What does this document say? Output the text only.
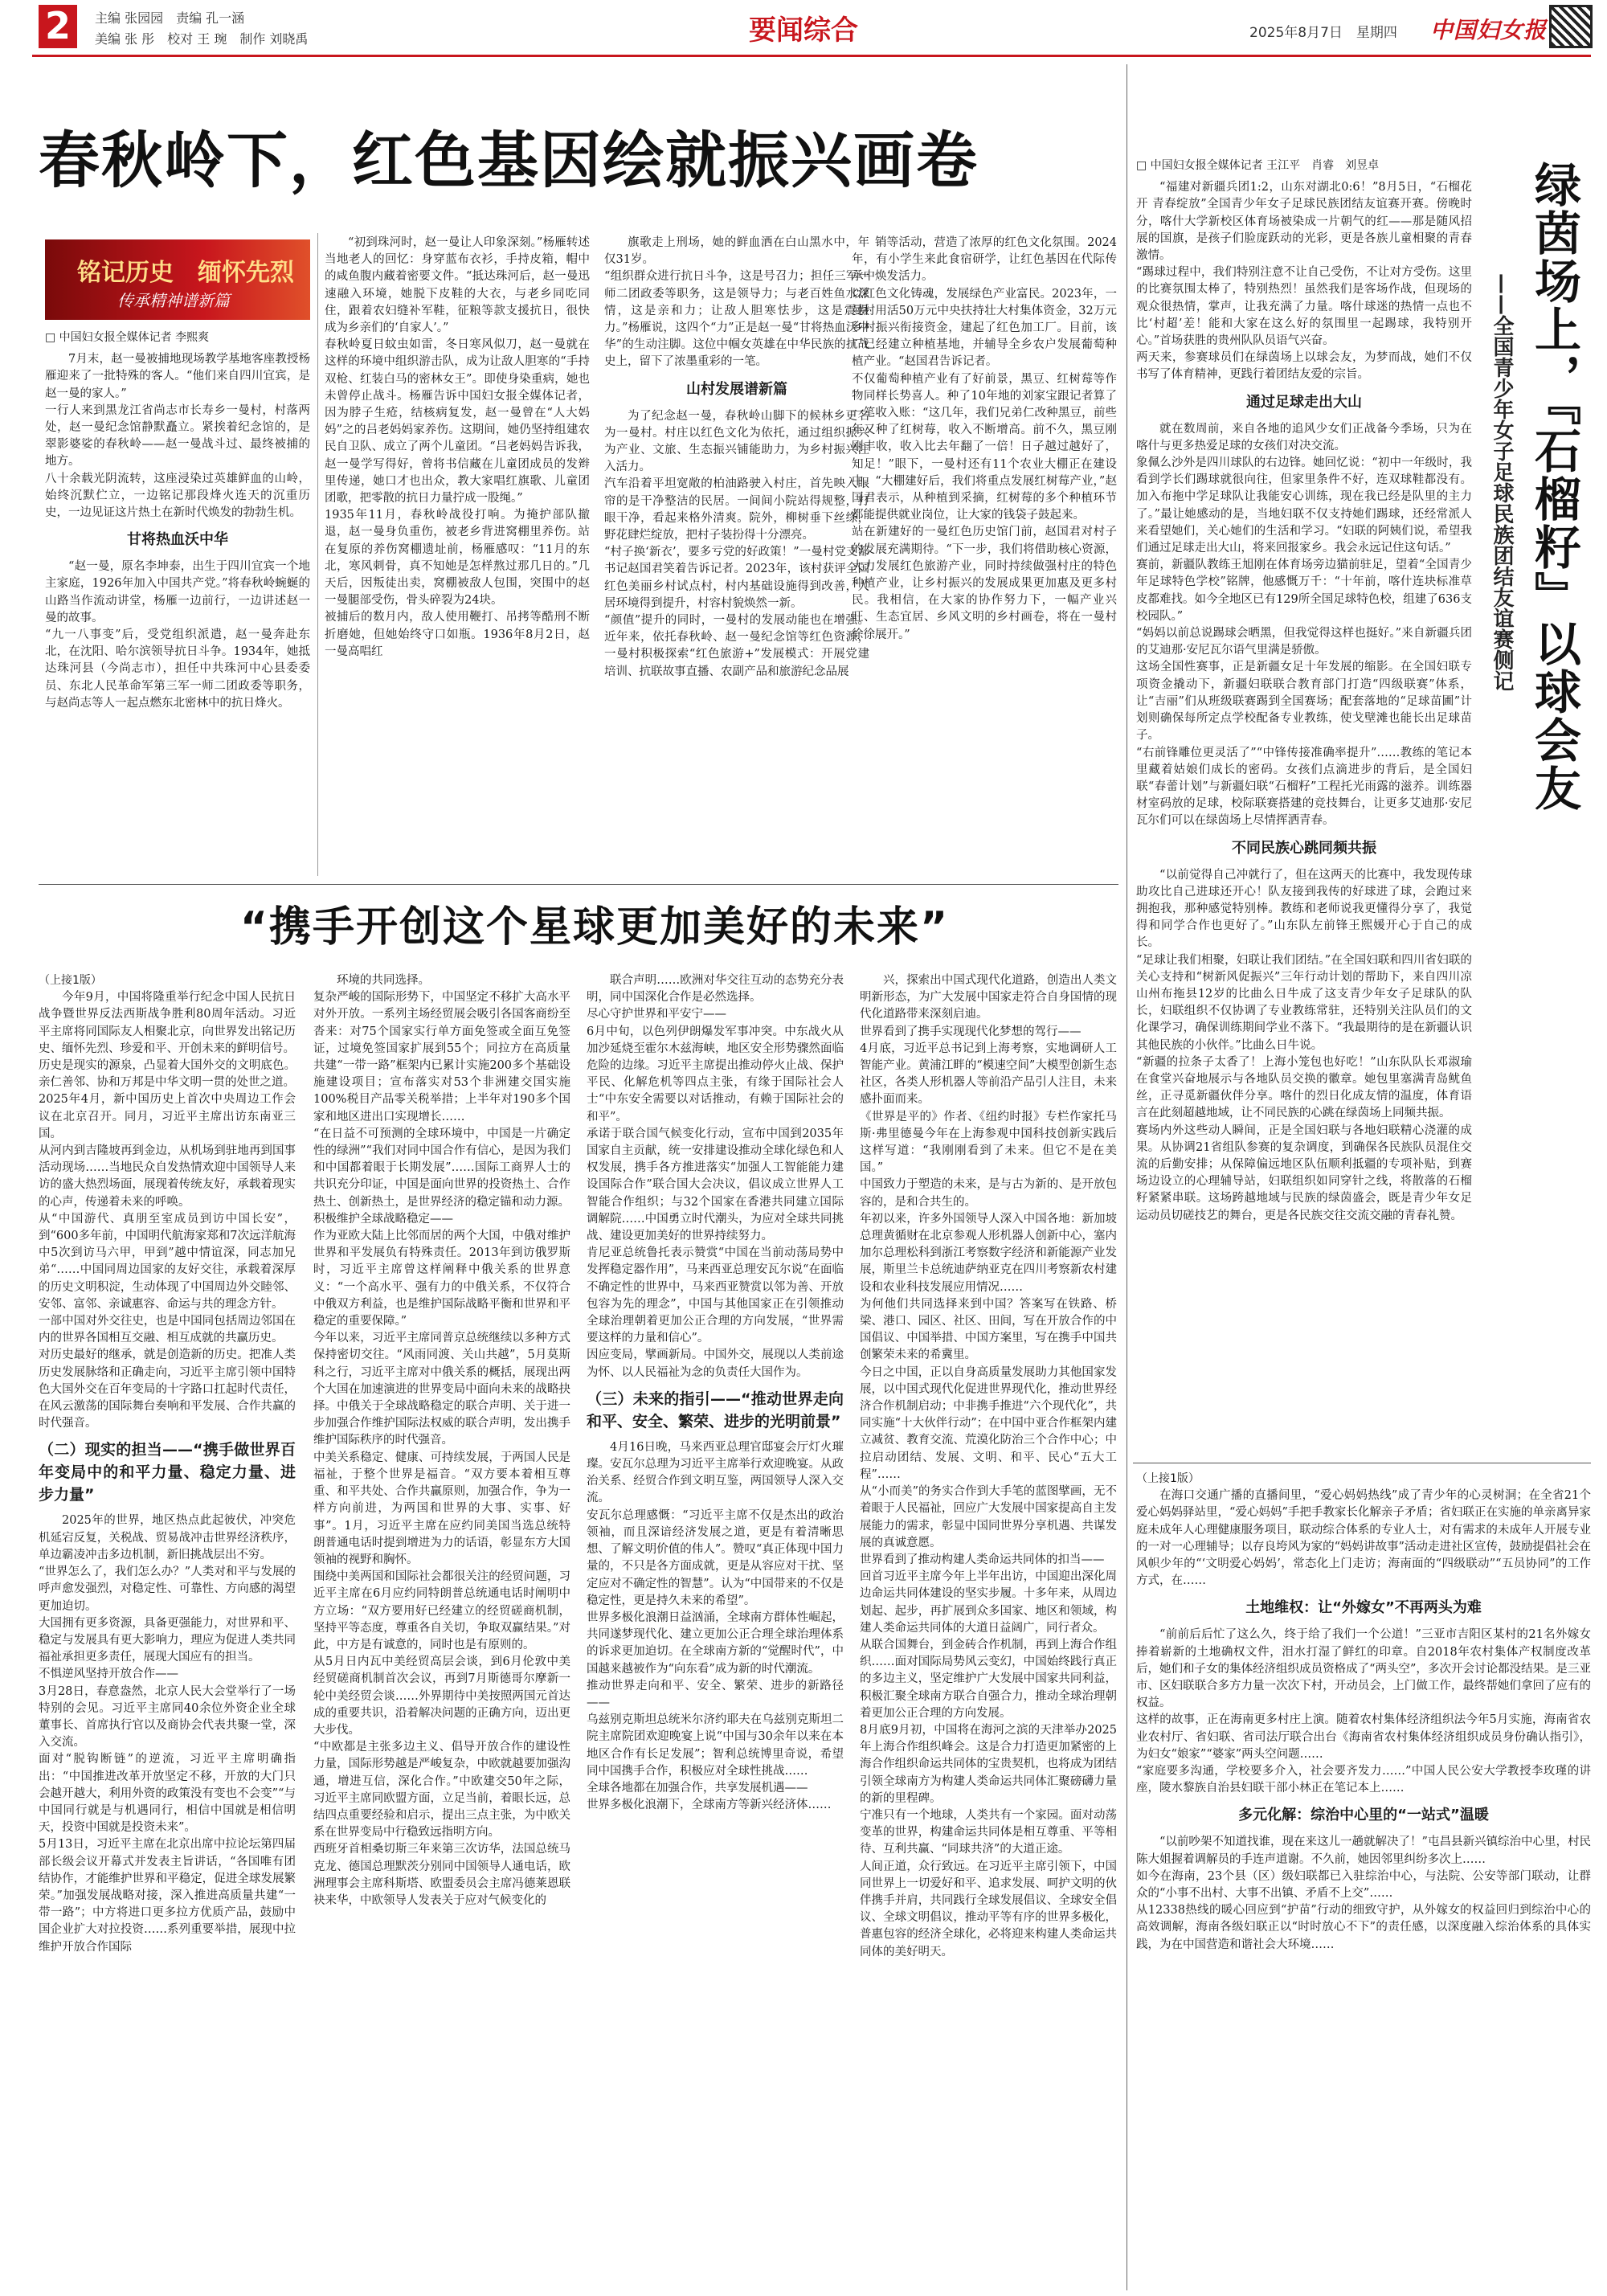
2	主编 张园园　责编 孔一涵
美编 张 彤　校对 王 琬　制作 刘晓禹	要闻综合	2025年8月7日　星期四 中国妇女报
春秋岭下，红色基因绘就振兴画卷
铭记历史　缅怀先烈
传承精神谱新篇

□ 中国妇女报全媒体记者 李熙爽

7月末，赵一曼被捕地现场教学基地客座教授杨雁迎来了一批特殊的客人。“他们来自四川宜宾，是赵一曼的家人。”
一行人来到黑龙江省尚志市长寿乡一曼村，村落两处，赵一曼纪念馆静默矗立。紧挨着纪念馆的，是翠影婆娑的春秋岭——赵一曼战斗过、最终被捕的地方。
八十余载光阴流转，这座浸染过英雄鲜血的山岭，始终沉默伫立，一边铭记那段烽火连天的沉重历史，一边见证这片热土在新时代焕发的勃勃生机。
甘将热血沃中华
“赵一曼，原名李坤泰，出生于四川宜宾一个地主家庭，1926年加入中国共产党。”将春秋岭蜿蜒的山路当作流动讲堂，杨雁一边前行，一边讲述赵一曼的故事。
“九一八事变”后，受党组织派遣，赵一曼奔赴东北，在沈阳、哈尔滨领导抗日斗争。1934年，她抵达珠河县（今尚志市），担任中共珠河中心县委委员、东北人民革命军第三军一师二团政委等职务，与赵尚志等人一起点燃东北密林中的抗日烽火。
“初到珠河时，赵一曼让人印象深刻。”杨雁转述当地老人的回忆：身穿蓝布衣衫，手持皮箱，帽中的咸鱼腹内藏着密要文件。“抵达珠河后，赵一曼迅速融入环境，她脱下皮鞋的大衣，与老乡同吃同住，跟着农妇缝补军鞋，征粮等款支援抗日，很快成为乡亲们的‘自家人’。”
春秋岭夏日蚊虫如雷，冬日寒风似刀，赵一曼就在这样的环境中组织游击队，成为让敌人胆寒的“手持双枪、红装白马的密林女王”。即使身染重病，她也未曾停止战斗。杨雁告诉中国妇女报全媒体记者，因为脖子生疮，结核病复发，赵一曼曾在“人大妈妈”之的吕老妈妈家养伤。这期间，她仍坚持组建农民自卫队、成立了两个儿童团。“吕老妈妈告诉我，赵一曼学写得好，曾将书信藏在儿童团成员的发辫里传递，她口才也出众，教大家唱红旗歌、儿童团团歌，把零散的抗日力量拧成一股绳。”
1935年11月，春秋岭战役打响。为掩护部队撤退，赵一曼身负重伤，被老乡背进窝棚里养伤。站在复原的养伤窝棚遗址前，杨雁感叹：“11月的东北，寒风刺骨，真不知她是怎样熬过那几日的。”几天后，因叛徒出卖，窝棚被敌人包围，突围中的赵一曼腿部受伤，骨头碎裂为24块。
被捕后的数月内，敌人使用鞭打、吊拷等酷刑不断折磨她，但她始终守口如瓶。1936年8月2日，赵一曼高唱红
旗歌走上刑场，她的鲜血洒在白山黑水中，年仅31岁。
“组织群众进行抗日斗争，这是号召力；担任三军一师二团政委等职务，这是领导力；与老百姓鱼水深情，这是亲和力；让敌人胆寒怯步，这是震慑力。”杨雁说，这四个“力”正是赵一曼“甘将热血沃中华”的生动注脚。这位中帼女英雄在中华民族的抗战史上，留下了浓墨重彩的一笔。
山村发展谱新篇
为了纪念赵一曼，春秋岭山脚下的候林乡更名为一曼村。村庄以红色文化为依托，通过组织振兴为产业、文旅、生态振兴铺能助力，为乡村振兴注入活力。
汽车沿着平坦宽敞的柏油路驶入村庄，首先映入眼帘的是干净整洁的民居。一间间小院站得规整，打眼干净，看起来格外清爽。院外，柳树垂下丝绦，野花肆烂绽放，把村子装扮得十分漂亮。
“村子换‘新衣’，要多亏党的好政策！”一曼村党支部书记赵国君笑着告诉记者。2023年，该村获评全国红色美丽乡村试点村，村内基础设施得到改善，人居环境得到提升，村容村貌焕然一新。
“颜值”提升的同时，一曼村的发展动能也在增强。近年来，依托春秋岭、赵一曼纪念馆等红色资源，一曼村积极探索“红色旅游+”发展模式：开展党建培训、抗联故事直播、农副产品和旅游纪念品展
销等活动，营造了浓厚的红色文化氛围。2024年，有小学生来此食宿研学，让红色基因在代际传承中焕发活力。
以红色文化铸魂，发展绿色产业富民。2023年，一曼村用活50万元中央扶持壮大村集体资金，32万元乡村振兴衔接资金，建起了红色加工厂。目前，该厂已经建立种植基地，并辅导全乡农户发展葡萄种植产业。“赵国君告诉记者。
不仅葡萄种植产业有了好前景，黑豆、红树莓等作物同样长势喜人。种了10年地的刘家宝跟记者算了一笔收入账：“这几年，我们兄弟仁改种黑豆，前些年又种了红树莓，收入不断增高。前不久，黑豆刚刚丰收，收入比去年翻了一倍！日子越过越好了，知足！”眼下，一曼村还有11个农业大棚正在建设中。“大棚建好后，我们将重点发展红树莓产业，”赵国君表示，从种植到采摘，红树莓的多个种植环节都能提供就业岗位，让大家的钱袋子鼓起来。
站在新建好的一曼红色历史馆门前，赵国君对村子的发展充满期待。“下一步，我们将借助核心资源，大力发展红色旅游产业，同时持续做强村庄的特色种植产业，让乡村振兴的发展成果更加惠及更多村民。我相信，在大家的协作努力下，一幅产业兴旺、生态宜居、乡风文明的乡村画卷，将在一曼村徐徐展开。”
“携手开创这个星球更加美好的未来”

（上接1版）

今年9月，中国将隆重举行纪念中国人民抗日战争暨世界反法西斯战争胜利80周年活动。习近平主席将同国际友人相聚北京，向世界发出铭记历史、缅怀先烈、珍爱和平、开创未来的鲜明信号。
历史是现实的源泉，凸显着大国外交的文明底色。亲仁善邻、协和万邦是中华文明一贯的处世之道。
2025年4月，新中国历史上首次中央周边工作会议在北京召开。同月，习近平主席出访东南亚三国。
从河内到吉隆坡再到金边，从机场到驻地再到国事活动现场……当地民众自发热情欢迎中国领导人来访的盛大热烈场面，展现着传统友好，承载着现实的心声，传递着未来的呼唤。
从“中国游代、真朋至室成员到访中国长安”，到“600多年前，中国明代航海家郑和7次远洋航海中5次到访马六甲，甲到”越中情谊深，同志加兄弟“……中国同周边国家的友好交往，承载着深厚的历史文明积淀，生动体现了中国周边外交睦邻、安邻、富邻、亲诚惠容、命运与共的理念方针。
一部中国对外交往史，也是中国同包括周边邻国在内的世界各国相互交融、相互成就的共赢历史。
对历史最好的继承，就是创造新的历史。把准人类历史发展脉络和正确走向，习近平主席引领中国特色大国外交在百年变局的十字路口扛起时代责任，在风云激荡的国际舞台奏响和平发展、合作共赢的时代强音。
（二）现实的担当——“携手做世界百年变局中的和平力量、稳定力量、进步力量”
2025年的世界，地区热点此起彼伏，冲突危机延宕反复，关税战、贸易战冲击世界经济秩序，单边霸凌冲击多边机制，新旧挑战层出不穷。
“世界怎么了，我们怎么办？”人类对和平与发展的呼声愈发强烈，对稳定性、可靠性、方向感的渴望更加迫切。
大国拥有更多资源，具备更强能力，对世界和平、稳定与发展具有更大影响力，理应为促进人类共同福祉承担更多责任，展现大国应有的担当。
不惧逆风坚持开放合作——
3月28日，春意盎然，北京人民大会堂举行了一场特别的会见。习近平主席同40余位外资企业全球董事长、首席执行官以及商协会代表共聚一堂，深入交流。
面对“脱钩断链”的逆流，习近平主席明确指出：“中国推进改革开放坚定不移，开放的大门只会越开越大，利用外资的政策没有变也不会变”“与中国同行就是与机遇同行，相信中国就是相信明天，投资中国就是投资未来”。
5月13日，习近平主席在北京出席中拉论坛第四届部长级会议开幕式并发表主旨讲话，“各国唯有团结协作，才能维护世界和平稳定，促进全球发展繁荣。”加强发展战略对接，深入推进高质量共建“一带一路”；中方将进口更多拉方优质产品，鼓励中国企业扩大对拉投资……系列重要举措，展现中拉维护开放合作国际
环境的共同选择。
复杂严峻的国际形势下，中国坚定不移扩大高水平对外开放。一系列主场经贸展会吸引各国客商纷至沓来：对75个国家实行单方面免签或全面互免签证，过境免签国家扩展到55个；同拉方在高质量共建“一带一路”框架内已累计实施200多个基础设施建设项目；宣布落实对53个非洲建交国实施100%税目产品零关税举措；上半年对190多个国家和地区进出口实现增长……
“在日益不可预测的全球环境中，中国是一片确定性的绿洲”“我们对同中国合作有信心，是因为我们和中国都着眼于长期发展”……国际工商界人士的共识充分印证，中国是面向世界的投资热土、合作热土、创新热土，是世界经济的稳定锚和动力源。
积极维护全球战略稳定——
作为亚欧大陆上比邻而居的两个大国，中俄对维护世界和平发展负有特殊责任。2013年到访俄罗斯时，习近平主席曾这样阐释中俄关系的世界意义：“一个高水平、强有力的中俄关系，不仅符合中俄双方利益，也是维护国际战略平衡和世界和平稳定的重要保障。”
今年以来，习近平主席同普京总统继续以多种方式保持密切交往。“风雨同渡、关山共越”，5月莫斯科之行，习近平主席对中俄关系的概括，展现出两个大国在加速演进的世界变局中面向未来的战略抉择。中俄关于全球战略稳定的联合声明、关于进一步加强合作维护国际法权威的联合声明，发出携手维护国际秩序的时代强音。
中美关系稳定、健康、可持续发展，于两国人民是福祉，于整个世界是福音。“双方要本着相互尊重、和平共处、合作共赢原则，加强合作，争为一样方向前进，为两国和世界的大事、实事、好事”。1月，习近平主席在应约同美国当选总统特朗普通电话时提到增进为力的话语，彰显东方大国领袖的视野和胸怀。
围绕中美两国和国际社会都很关注的经贸问题，习近平主席在6月应约同特朗普总统通电话时阐明中方立场：“双方要用好已经建立的经贸磋商机制，坚持平等态度，尊重各自关切，争取双赢结果。”对此，中方是有诚意的，同时也是有原则的。
从5月日内瓦中美经贸高层会谈，到6月伦敦中美经贸磋商机制首次会议，再到7月斯德哥尔摩新一轮中美经贸会谈……外界期待中美按照两国元首达成的重要共识，沿着解决问题的正确方向，迈出更大步伐。
“中欧都是主张多边主义、倡导开放合作的建设性力量，国际形势越是严峻复杂，中欧就越要加强沟通，增进互信，深化合作。”中欧建交50年之际，习近平主席同欧盟方面，立足当前，着眼长远，总结四点重要经验和启示，提出三点主张，为中欧关系在世界变局中行稳致远指明方向。
西班牙首相桑切斯三年来第三次访华，法国总统马克龙、德国总理默茨分别同中国领导人通电话，欧洲理事会主席科斯塔、欧盟委员会主席冯德莱恩联袂来华，中欧领导人发表关于应对气候变化的
联合声明……欧洲对华交往互动的态势充分表明，同中国深化合作是必然选择。
尽心守护世界和平安宁——
6月中旬，以色列伊朗爆发军事冲突。中东战火从加沙延烧至霍尔木兹海峡，地区安全形势骤然面临危险的边缘。习近平主席提出推动停火止战、保护平民、化解危机等四点主张，有缘于国际社会人士“中东安全需要以对话推动，有赖于国际社会的和平”。
承诺于联合国气候变化行动，宣布中国到2035年国家自主贡献，统一安排建设推动全球化绿色和人权发展，携手各方推进落实“加强人工智能能力建设国际合作”联合国大会决议，倡议成立世界人工智能合作组织；与32个国家在香港共同建立国际调解院……中国勇立时代潮头，为应对全球共同挑战、建设更加美好的世界持续努力。
肯尼亚总统鲁托表示赞赏“中国在当前动荡局势中发挥稳定器作用”，马来西亚总理安瓦尔说“在面临不确定性的世界中，马来西亚赞赏以邻为善、开放包容为先的理念”，中国与其他国家正在引领推动全球治理朝着更加公正合理的方向发展，“世界需要这样的力量和信心”。
因应变局，擘画新局。中国外交，展现以人类前途为怀、以人民福祉为念的负责任大国作为。
（三）未来的指引——“推动世界走向和平、安全、繁荣、进步的光明前景”
4月16日晚，马来西亚总理官邸宴会厅灯火璀璨。安瓦尔总理为习近平主席举行欢迎晚宴。从政治关系、经贸合作到文明互鉴，两国领导人深入交流。
安瓦尔总理感慨：“习近平主席不仅是杰出的政治领袖，而且深谙经济发展之道，更是有着清晰思想、了解文明价值的伟人”。赞叹“真正体现中国力量的，不只是各方面成就，更是从容应对干扰、坚定应对不确定性的智慧”。认为“中国带来的不仅是稳定性，更是持久未来的希望”。
世界多极化浪潮日益汹涌，全球南方群体性崛起，共同遂梦现代化、建立更加公正合理全球治理体系的诉求更加迫切。在全球南方新的“觉醒时代”，中国越来越被作为“向东看”成为新的时代潮流。
推动世界走向和平、安全、繁荣、进步的新路径——
乌兹别克斯坦总统米尔济约耶夫在乌兹别克斯坦二院主席院团欢迎晚宴上说“中国与30余年以来在本地区合作有长足发展”；智利总统博里奇说，希望同中国携手合作，积极应对全球性挑战……
全球各地都在加强合作，共享发展机遇——
世界多极化浪潮下，全球南方等新兴经济体……
兴，探索出中国式现代化道路，创造出人类文明新形态，为广大发展中国家走符合自身国情的现代化道路带来深刻启迪。
世界看到了携手实现现代化梦想的驾行——
4月底，习近平总书记到上海考察，实地调研人工智能产业。黄浦江畔的“模速空间”大模型创新生态社区，各类人形机器人等前沿产品引人注目，未来感扑面而来。
《世界是平的》作者、《纽约时报》专栏作家托马斯·弗里德曼今年在上海参观中国科技创新实践后这样写道：“我刚刚看到了未来。但它不是在美国。”
中国致力于塑造的未来，是与古为新的、是开放包容的，是和合共生的。
年初以来，许多外国领导人深入中国各地：新加坡总理黄循财在北京参观人形机器人创新中心，塞内加尔总理松科到浙江考察数字经济和新能源产业发展，斯里兰卡总统迪萨纳亚克在四川考察新农村建设和农业科技发展应用情况……
为何他们共同选择来到中国？答案写在铁路、桥梁、港口、园区、社区、田间，写在开放合作的中国倡议、中国举措、中国方案里，写在携手中国共创繁荣未来的希冀里。
今日之中国，正以自身高质量发展助力其他国家发展，以中国式现代化促进世界现代化，推动世界经济合作机制启动；中非携手推进“六个现代化”，共同实施“十大伙伴行动”；在中国中亚合作框架内建立减贫、教育交流、荒漠化防治三个合作中心；中拉启动团结、发展、文明、和平、民心“五大工程”……
从“小而美”的务实合作到大手笔的蓝图擘画，无不着眼于人民福祉，回应广大发展中国家提高自主发展能力的需求，彰显中国同世界分享机遇、共谋发展的真诚意愿。
世界看到了推动构建人类命运共同体的扣当——
回首习近平主席今年上半年出访，中国迎出深化周边命运共同体建设的坚实步履。十多年来，从周边划起、起步，再扩展到众多国家、地区和领域，构建人类命运共同体的大道日益阔广，同行者众。
从联合国舞台，到金砖合作机制，再到上海合作组织……面对国际局势风云变幻，中国始终践行真正的多边主义，坚定维护广大发展中国家共同利益，积极汇聚全球南方联合自强合力，推动全球治理朝着更加公正合理的方向发展。
8月底9月初，中国将在海河之滨的天津举办2025年上海合作组织峰会。这是合力打造更加紧密的上海合作组织命运共同体的宝贵契机，也将成为团结引领全球南方为构建人类命运共同体汇聚磅礴力量的新的里程碑。
宁准只有一个地球，人类共有一个家园。面对动荡变革的世界，构建命运共同体是相互尊重、平等相待、互利共赢、“同球共济”的大道正途。
人间正道，众行致远。在习近平主席引领下，中国同世界上一切爱好和平、追求发展、呵护文明的伙伴携手并肩，共同践行全球发展倡议、全球安全倡议、全球文明倡议，推动平等有序的世界多极化，普惠包容的经济全球化，必将迎来构建人类命运共同体的美好明天。

□ 中国妇女报全媒体记者 王江平　肖睿　刘昱卓

“福建对新疆兵团1:2，山东对湖北0:6！”8月5日，“石榴花开 青春绽放”全国青少年女子足球民族团结友谊赛开赛。傍晚时分，喀什大学新校区体育场被染成一片朝气的红——那是随风招展的国旗，是孩子们脸庞跃动的光彩，更是各族儿童相聚的青春激情。
“踢球过程中，我们特别注意不让自己受伤，不让对方受伤。这里的比赛氛围太棒了，特别热烈！虽然我们是客场作战，但现场的观众很热情，掌声，让我充满了力量。喀什球迷的热情一点也不比‘村超’差！能和大家在这么好的氛围里一起踢球，我特别开心。”首场获胜的贵州队队员语气兴奋。
两天来，参赛球员们在绿茵场上以球会友，为梦而战，她们不仅书写了体育精神，更践行着团结友爱的宗旨。
通过足球走出大山
就在数周前，来自各地的追风少女们正战备今季场，只为在喀什与更多热爱足球的女孩们对决交流。
象佩么沙外是四川球队的右边锋。她回忆说：“初中一年级时，我看到学长们踢球就很向往，但家里条件不好，连双球鞋都没有。加入布拖中学足球队让我能安心训练，现在我已经是队里的主力了。”最让她感动的是，当地妇联不仅支持她们踢球，还经常派人来看望她们，关心她们的生活和学习。“妇联的阿姨们说，希望我们通过足球走出大山，将来回报家乡。我会永远记住这句话。”
赛前，新疆队教练王旭刚在体育场旁边猫前驻足，望着“全国青少年足球特色学校”铭牌，他感慨万千：“十年前，喀什连块标准草皮都难找。如今全地区已有129所全国足球特色校，组建了636支校园队。”
“妈妈以前总说踢球会晒黑，但我觉得这样也挺好。”来自新疆兵团的艾迪那·安尼瓦尔语气里满是骄傲。
这场全国性赛事，正是新疆女足十年发展的缩影。在全国妇联专项资金撬动下，新疆妇联联合教育部门打造“四级联赛”体系，让“吉丽”们从班级联赛踢到全国赛场；配套落地的“足球苗圃”计划则确保每所定点学校配备专业教练，使戈壁滩也能长出足球苗子。
“右前锋雕位更灵活了”“中锋传接准确率提升”……教练的笔记本里藏着姑娘们成长的密码。女孩们点滴进步的背后，是全国妇联“春蕾计划”与新疆妇联“石榴籽”工程托光雨露的滋养。训练器材室码放的足球，校际联赛搭建的竞技舞台，让更多艾迪那·安尼瓦尔们可以在绿茵场上尽情挥洒青春。
不同民族心跳同频共振
“以前觉得自己冲就行了，但在这两天的比赛中，我发现传球助攻比自己进球还开心！队友接到我传的好球进了球，会跑过来拥抱我，那种感觉特别棒。教练和老师说我更懂得分享了，我觉得和同学合作也更好了。”山东队左前锋王熙媛开心于自己的成长。
“足球让我们相聚，妇联让我们团结。”在全国妇联和四川省妇联的关心支持和“树新风促振兴”三年行动计划的帮助下，来自四川凉山州布拖县12岁的比曲么日牛成了这支青少年女子足球队的队长，妇联组织不仅协调了专业教练常驻，还特别关注队员们的文化课学习，确保训练期间学业不落下。“我最期待的是在新疆认识其他民族的小伙伴。”比曲么日牛说。
“新疆的拉条子太香了！上海小笼包也好吃！”山东队队长邓淑瑜在食堂兴奋地展示与各地队员交换的徽章。她包里塞满青岛鱿鱼丝，正寻觅新疆伙伴分享。喀什的烈日化成友情的温度，体育语言在此刻超越地域，让不同民族的心跳在绿茵场上同频共振。
赛场内外这些动人瞬间，正是全国妇联与各地妇联精心浇灌的成果。从协调21省组队参赛的复杂调度，到确保各民族队员混住交流的后勤安排；从保障偏远地区队伍顺利抵疆的专项补贴，到赛场边设立的心理辅导站，妇联组织如同穿针之线，将散落的石榴籽紧紧串联。这场跨越地域与民族的绿茵盛会，既是青少年女足运动员切磋技艺的舞台，更是各民族交往交流交融的青春礼赞。
绿茵场上，『石榴籽』以球会友
——全国青少年女子足球民族团结友谊赛侧记

（上接1版）

在海口交通广播的直播间里，“爱心妈妈热线”成了青少年的心灵树洞；在全省21个爱心妈妈驿站里，“爱心妈妈”手把手教家长化解亲子矛盾；省妇联正在实施的单亲离异家庭未成年人心理健康服务项目，联动综合体系的专业人士，对有需求的未成年人开展专业的一对一心理辅导；以存良垮风为家的“妈妈讲故事”活动走进社区宣传，鼓励提倡社会在风帜少年的“‘文明爱心妈妈’，常态化上门走访；海南面的“四级联动”“五员协同”的工作方式，在……
土地维权：让“外嫁女”不再两头为难
“前前后后忙了这么久，终于给了我们一个公道！”三亚市吉阳区某村的21名外嫁女捧着崭新的土地确权文件，泪水打湿了鲜红的印章。自2018年农村集体产权制度改革后，她们和子女的集体经济组织成员资格成了“两头空”，多次开会讨论都没结果。是三亚市、区妇联联合多方力量一次次下村，开动员会，上门做工作，最终帮她们拿回了应有的权益。
这样的故事，正在海南更多村庄上演。随着农村集体经济组织法今年5月实施，海南省农业农村厅、省妇联、省司法厅联合出台《海南省农村集体经济组织成员身份确认指引》，为妇女“娘家”“婆家”两头空问题……
“家庭要多沟通，学校要多介入，社会要齐发力……”中国人民公安大学教授李玫瑾的讲座，陵水黎族自治县妇联干部小林正在笔记本上……
多元化解：综治中心里的“一站式”温暖
“以前吵架不知道找谁，现在来这儿一趟就解决了！”屯昌县新兴镇综治中心里，村民陈大姐握着调解员的手连声道谢。不久前，她因邻里纠纷多次上……
如今在海南，23个县（区）级妇联都已入驻综治中心，与法院、公安等部门联动，让群众的“小事不出村、大事不出镇、矛盾不上交”……
从12338热线的暖心回应到“护苗”行动的细致守护，从外嫁女的权益回归到综治中心的高效调解，海南各级妇联正以“时时放心不下”的责任感，以深度融入综治体系的具体实践，为在中国营造和谐社会大环境……
